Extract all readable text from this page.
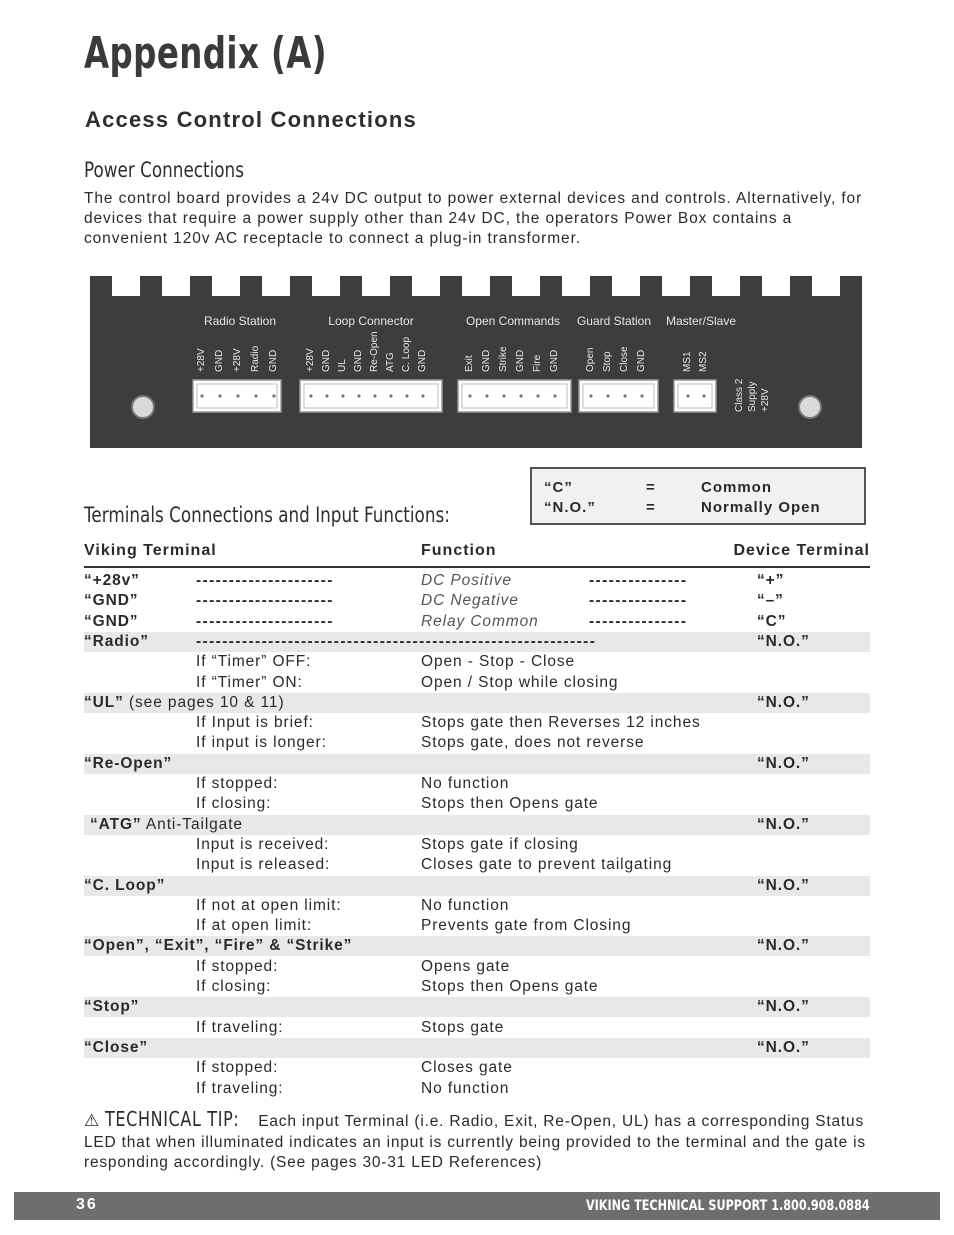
Appendix (A)
Access Control Connections
Power Connections
The control board provides a 24v DC output to power external devices and controls. Alternatively, for devices that require a power supply other than 24v DC, the operators Power Box contains a convenient 120v AC receptacle to connect a plug-in transformer.
Radio Station
+28V GND +28V Radio GND
Loop Connector
+28V GND UL GND Re-Open ATG C. Loop GND
Open Commands
Exit GND Strike GND Fire GND
Guard Station
Open Stop Close GND
Master/Slave
MS1 MS2
Class 2 Supply +28V
“C”	=	Common
“N.O.”	=	Normally Open
Terminals Connections and Input Functions:
Viking Terminal	Function	Device Terminal
“+28v”	---------------------	DC Positive	---------------	“+”
“GND”	---------------------	DC Negative	---------------	“–”
“GND”	---------------------	Relay Common	---------------	“C”
“Radio”	-------------------------------------------------------------	“N.O.”
If “Timer” OFF:	Open - Stop - Close
If “Timer” ON:	Open / Stop while closing
“UL” (see pages 10 & 11)	“N.O.”
If Input is brief:	Stops gate then Reverses 12 inches
If input is longer:	Stops gate, does not reverse
“Re-Open”	“N.O.”
If stopped:	No function
If closing:	Stops then Opens gate
“ATG” Anti-Tailgate	“N.O.”
Input is received:	Stops gate if closing
Input is released:	Closes gate to prevent tailgating
“C. Loop”	“N.O.”
If not at open limit:	No function
If at open limit:	Prevents gate from Closing
“Open”, “Exit”, “Fire” & “Strike”	“N.O.”
If stopped:	Opens gate
If closing:	Stops then Opens gate
“Stop”	“N.O.”
If traveling:	Stops gate
“Close”	“N.O.”
If stopped:	Closes gate
If traveling:	No function
⚠ TECHNICAL TIP: Each input Terminal (i.e. Radio, Exit, Re-Open, UL) has a corresponding Status LED that when illuminated indicates an input is currently being provided to the terminal and the gate is responding accordingly. (See pages 30-31 LED References)
36	VIKING TECHNICAL SUPPORT 1.800.908.0884
